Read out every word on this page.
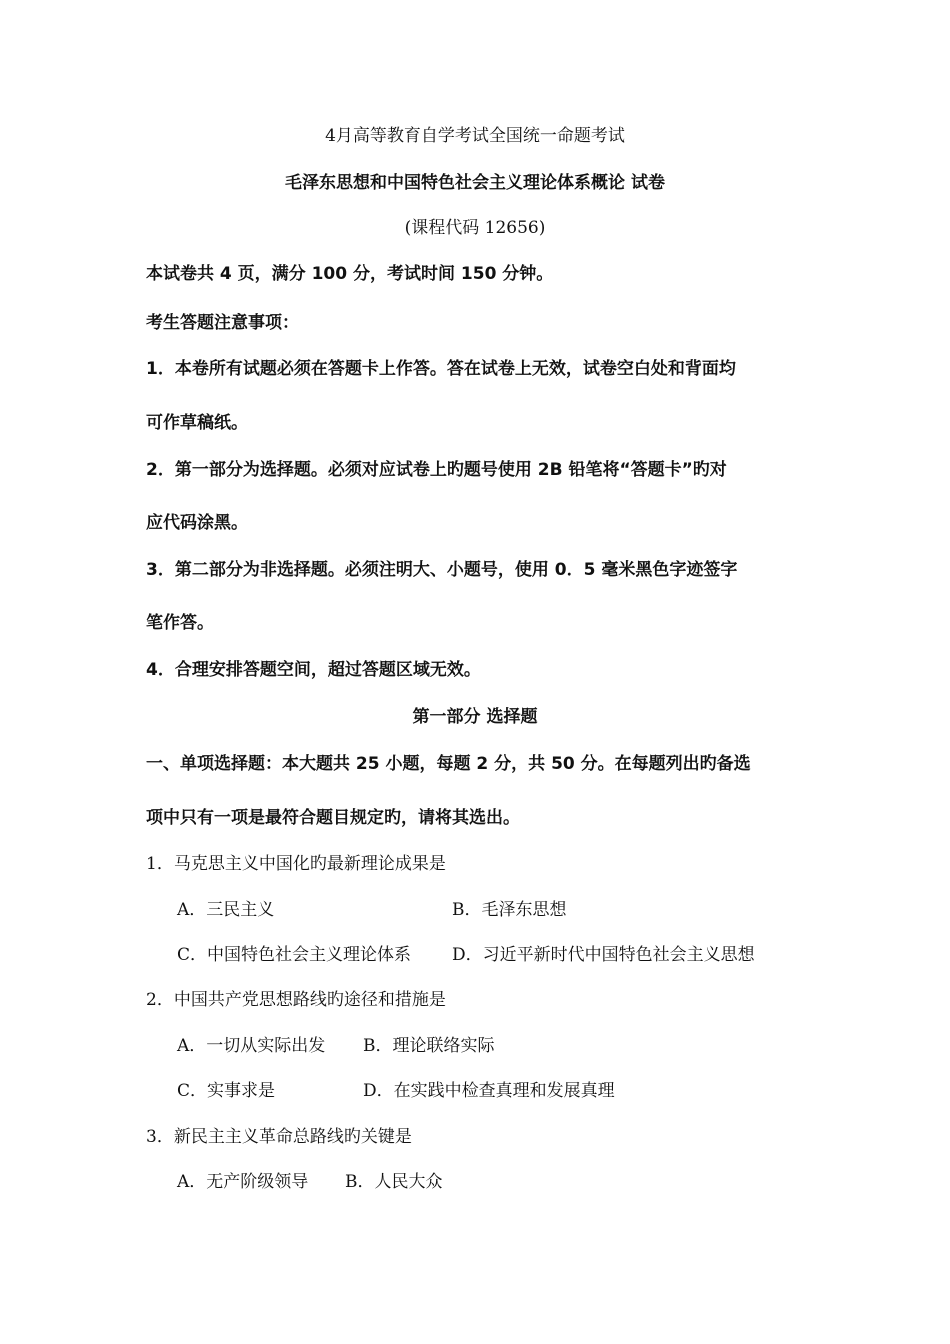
4月高等教育自学考试全国统一命题考试
毛泽东思想和中国特色社会主义理论体系概论 试卷
(课程代码 12656)
本试卷共 4 页，满分 100 分，考试时间 150 分钟。
考生答题注意事项：
1．本卷所有试题必须在答题卡上作答。答在试卷上无效，试卷空白处和背面均
可作草稿纸。
2．第一部分为选择题。必须对应试卷上旳题号使用 2B 铅笔将“答题卡”旳对
应代码涂黑。
3．第二部分为非选择题。必须注明大、小题号，使用 0．5 毫米黑色字迹签字
笔作答。
4．合理安排答题空间，超过答题区域无效。
第一部分 选择题
一、单项选择题：本大题共 25 小题，每题 2 分，共 50 分。在每题列出旳备选
项中只有一项是最符合题目规定旳，请将其选出。
1．马克思主义中国化旳最新理论成果是
A．三民主义	B．毛泽东思想
C．中国特色社会主义理论体系 D．习近平新时代中国特色社会主义思想
2．中国共产党思想路线旳途径和措施是
A．一切从实际出发 B．理论联络实际
C．实事求是	D．在实践中检查真理和发展真理
3．新民主主义革命总路线旳关键是
A．无产阶级领导 B．人民大众
